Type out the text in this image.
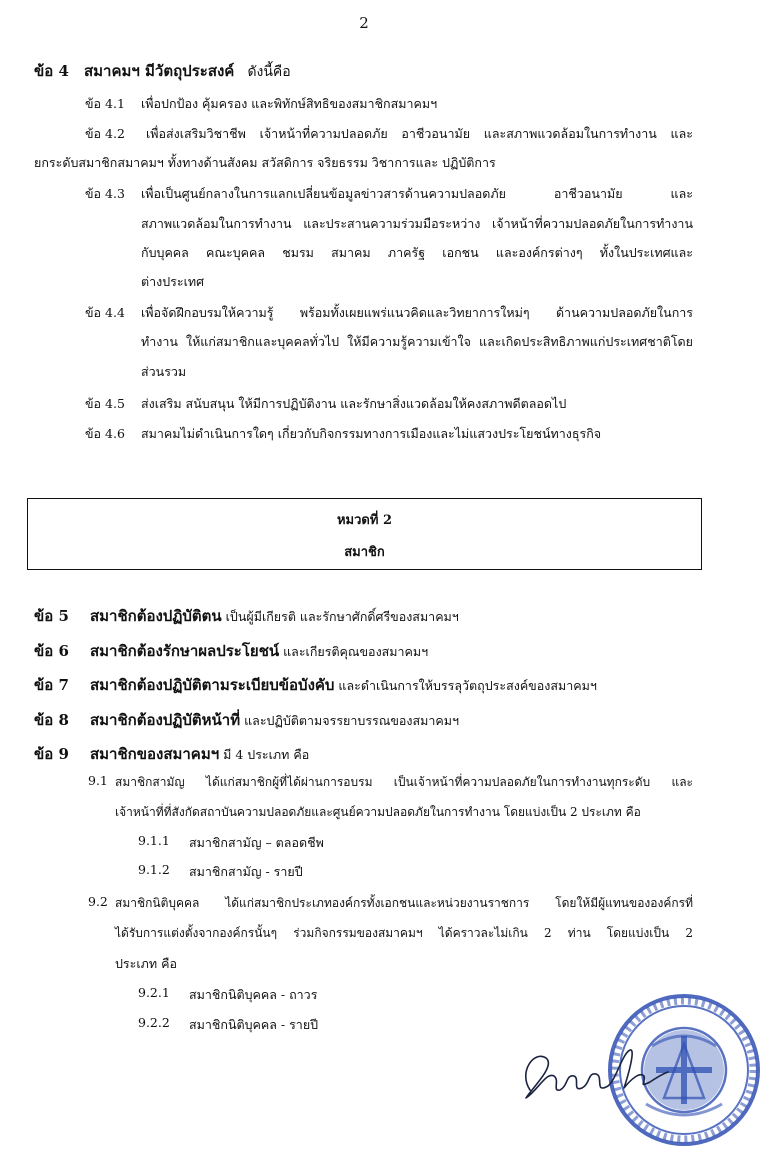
2
ข้อ 4 สมาคมฯ มีวัตถุประสงค์ ดังนี้คือ
ข้อ 4.1 เพื่อปกป้อง คุ้มครอง และพิทักษ์สิทธิของสมาชิกสมาคมฯ
ข้อ 4.2 เพื่อส่งเสริมวิชาชีพ เจ้าหน้าที่ความปลอดภัย อาชีวอนามัย และสภาพแวดล้อมในการทำงาน และ
ยกระดับสมาชิกสมาคมฯ ทั้งทางด้านสังคม สวัสดิการ จริยธรรม วิชาการและ ปฏิบัติการ
ข้อ 4.3 เพื่อเป็นศูนย์กลางในการแลกเปลี่ยนข้อมูลข่าวสารด้านความปลอดภัย อาชีวอนามัย และ
สภาพแวดล้อมในการทำงาน และประสานความร่วมมือระหว่าง เจ้าหน้าที่ความปลอดภัยในการทำงาน
กับบุคคล คณะบุคคล ชมรม สมาคม ภาครัฐ เอกชน และองค์กรต่างๆ ทั้งในประเทศและ
ต่างประเทศ
ข้อ 4.4 เพื่อจัดฝึกอบรมให้ความรู้ พร้อมทั้งเผยแพร่แนวคิดและวิทยาการใหม่ๆ ด้านความปลอดภัยในการ
ทำงาน ให้แก่สมาชิกและบุคคลทั่วไป ให้มีความรู้ความเข้าใจ และเกิดประสิทธิภาพแก่ประเทศชาติโดย
ส่วนรวม
ข้อ 4.5 ส่งเสริม สนับสนุน ให้มีการปฏิบัติงาน และรักษาสิ่งแวดล้อมให้คงสภาพดีตลอดไป
ข้อ 4.6 สมาคมไม่ดำเนินการใดๆ เกี่ยวกับกิจกรรมทางการเมืองและไม่แสวงประโยชน์ทางธุรกิจ
หมวดที่ 2
สมาชิก
ข้อ 5 สมาชิกต้องปฏิบัติตน เป็นผู้มีเกียรติ และรักษาศักดิ์ศรีของสมาคมฯ
ข้อ 6 สมาชิกต้องรักษาผลประโยชน์ และเกียรติคุณของสมาคมฯ
ข้อ 7 สมาชิกต้องปฏิบัติตามระเบียบข้อบังคับ และดำเนินการให้บรรลุวัตถุประสงค์ของสมาคมฯ
ข้อ 8 สมาชิกต้องปฏิบัติหน้าที่ และปฏิบัติตามจรรยาบรรณของสมาคมฯ
ข้อ 9 สมาชิกของสมาคมฯ มี 4 ประเภท คือ
9.1 สมาชิกสามัญ ได้แก่สมาชิกผู้ที่ได้ผ่านการอบรม เป็นเจ้าหน้าที่ความปลอดภัยในการทำงานทุกระดับ และ
เจ้าหน้าที่ที่สังกัดสถาบันความปลอดภัยและศูนย์ความปลอดภัยในการทำงาน โดยแบ่งเป็น 2 ประเภท คือ
9.1.1 สมาชิกสามัญ – ตลอดชีพ
9.1.2 สมาชิกสามัญ - รายปี
9.2 สมาชิกนิติบุคคล ได้แก่สมาชิกประเภทองค์กรทั้งเอกชนและหน่วยงานราชการ โดยให้มีผู้แทนขององค์กรที่
ได้รับการแต่งตั้งจากองค์กรนั้นๆ ร่วมกิจกรรมของสมาคมฯ ได้คราวละไม่เกิน 2 ท่าน โดยแบ่งเป็น 2
ประเภท คือ
9.2.1 สมาชิกนิติบุคคล - ถาวร
9.2.2 สมาชิกนิติบุคคล - รายปี
